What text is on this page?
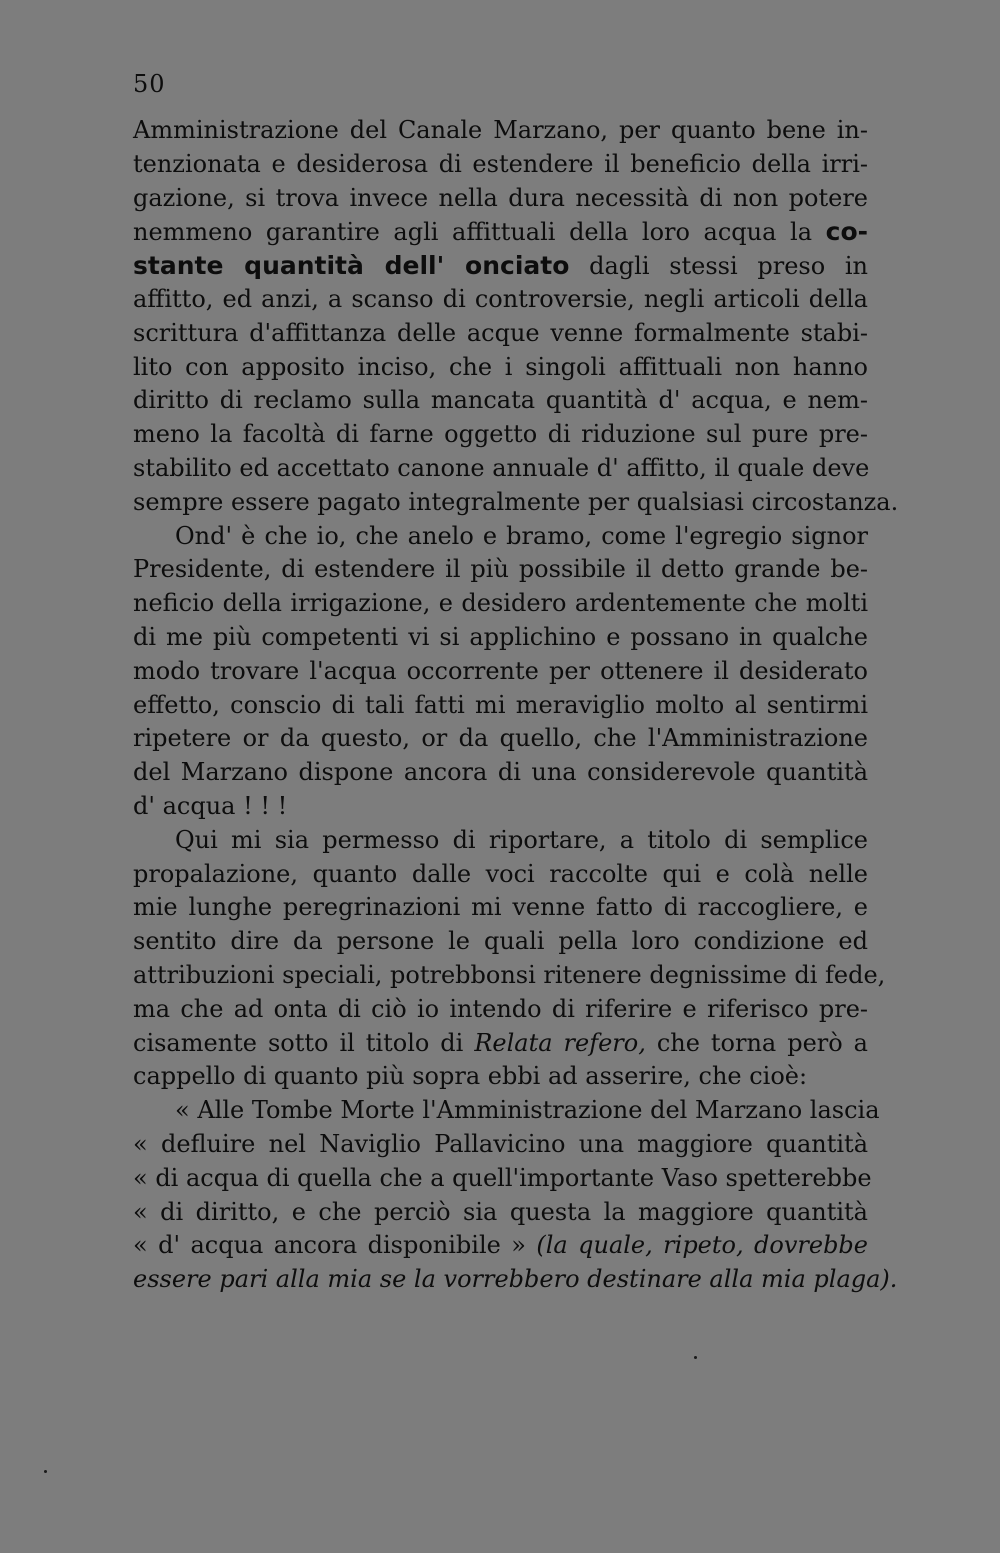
50
Amministrazione del Canale Marzano, per quanto bene in-
tenzionata e desiderosa di estendere il beneficio della irri-
gazione, si trova invece nella dura necessità di non potere
nemmeno garantire agli affittuali della loro acqua la co-
stante quantità dell' onciato dagli stessi preso in
affitto, ed anzi, a scanso di controversie, negli articoli della
scrittura d'affittanza delle acque venne formalmente stabi-
lito con apposito inciso, che i singoli affittuali non hanno
diritto di reclamo sulla mancata quantità d' acqua, e nem-
meno la facoltà di farne oggetto di riduzione sul pure pre-
stabilito ed accettato canone annuale d' affitto, il quale deve
sempre essere pagato integralmente per qualsiasi circostanza.
Ond' è che io, che anelo e bramo, come l'egregio signor
Presidente, di estendere il più possibile il detto grande be-
neficio della irrigazione, e desidero ardentemente che molti
di me più competenti vi si applichino e possano in qualche
modo trovare l'acqua occorrente per ottenere il desiderato
effetto, conscio di tali fatti mi meraviglio molto al sentirmi
ripetere or da questo, or da quello, che l'Amministrazione
del Marzano dispone ancora di una considerevole quantità
d' acqua ! ! !
Qui mi sia permesso di riportare, a titolo di semplice
propalazione, quanto dalle voci raccolte qui e colà nelle
mie lunghe peregrinazioni mi venne fatto di raccogliere, e
sentito dire da persone le quali pella loro condizione ed
attribuzioni speciali, potrebbonsi ritenere degnissime di fede,
ma che ad onta di ciò io intendo di riferire e riferisco pre-
cisamente sotto il titolo di Relata refero, che torna però a
cappello di quanto più sopra ebbi ad asserire, che cioè:
« Alle Tombe Morte l'Amministrazione del Marzano lascia
« defluire nel Naviglio Pallavicino una maggiore quantità
« di acqua di quella che a quell'importante Vaso spetterebbe
« di diritto, e che perciò sia questa la maggiore quantità
« d' acqua ancora disponibile » (la quale, ripeto, dovrebbe
essere pari alla mia se la vorrebbero destinare alla mia plaga).
